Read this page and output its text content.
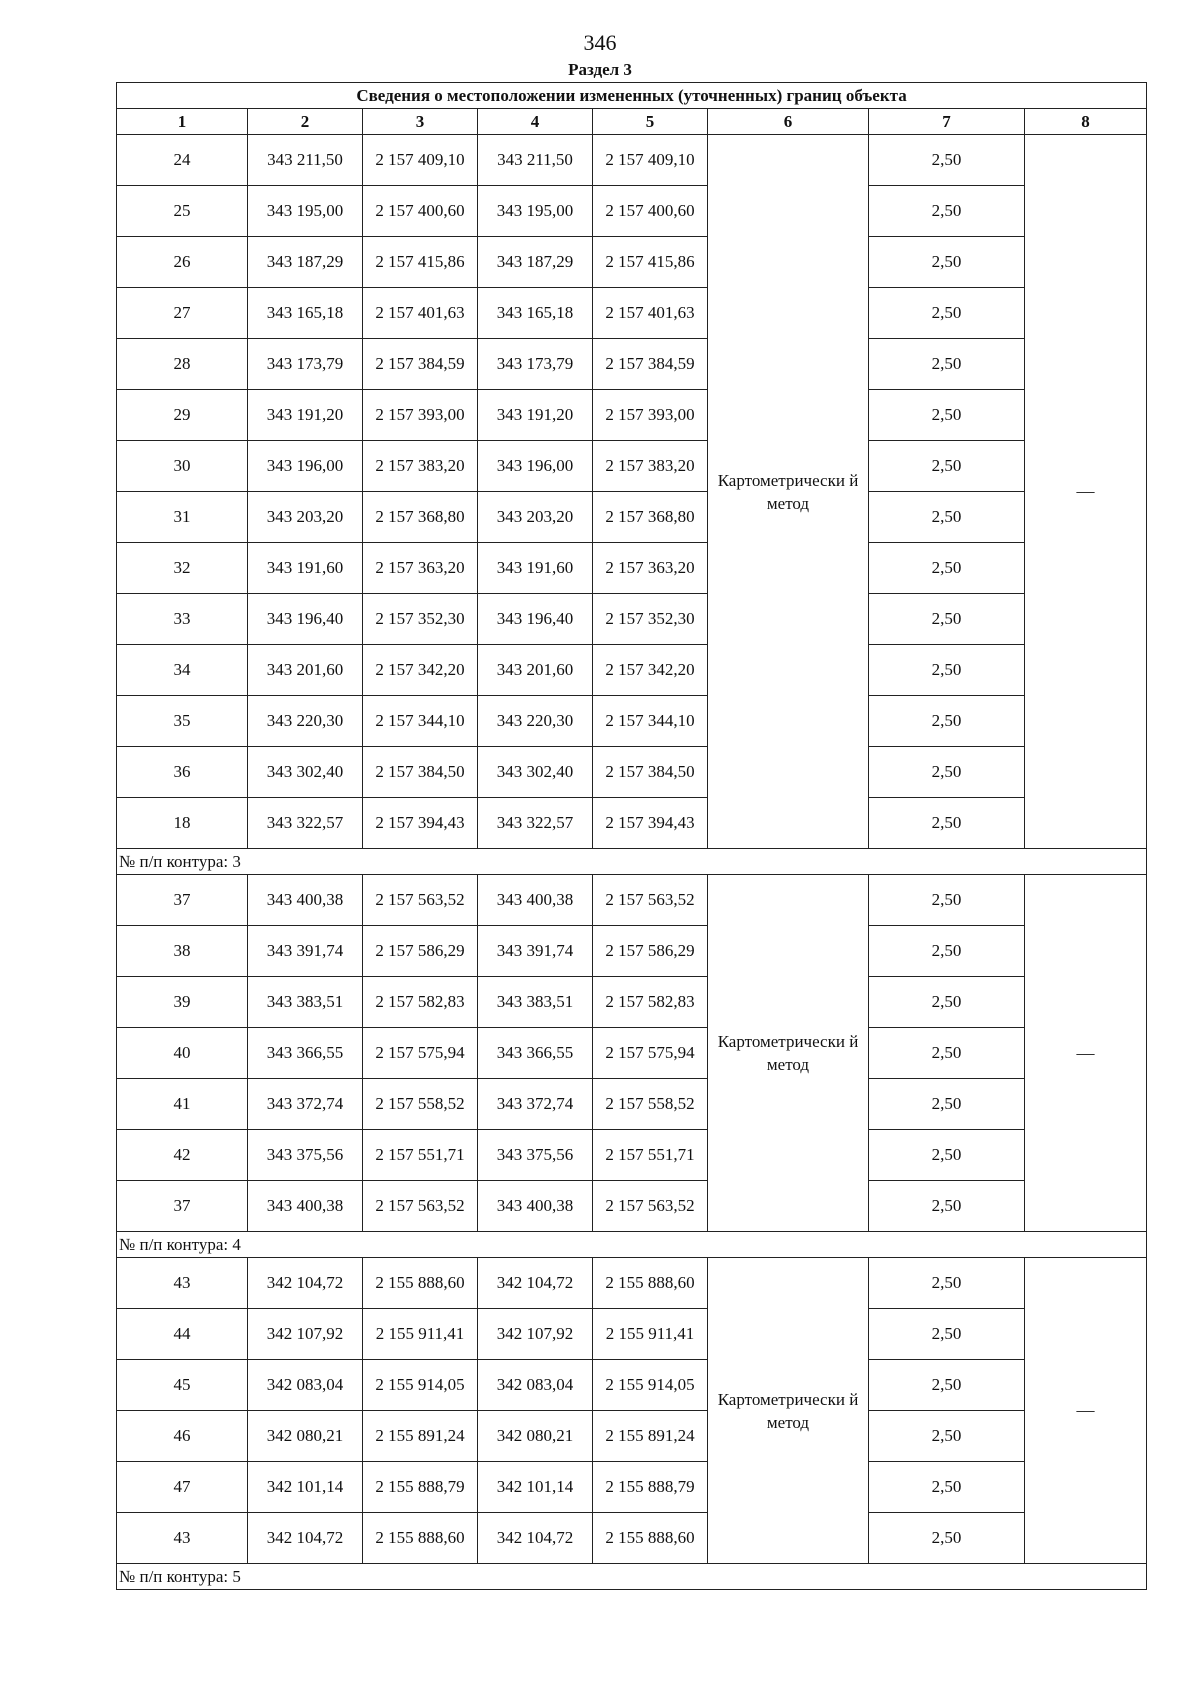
346
Раздел 3
Сведения о местоположении измененных (уточненных) границ объекта							
1	2	3	4	5	6	7	8
24	343 211,50	2 157 409,10	343 211,50	2 157 409,10	Картометрически й метод	2,50	—
25	343 195,00	2 157 400,60	343 195,00	2 157 400,60		2,50	
26	343 187,29	2 157 415,86	343 187,29	2 157 415,86		2,50	
27	343 165,18	2 157 401,63	343 165,18	2 157 401,63		2,50	
28	343 173,79	2 157 384,59	343 173,79	2 157 384,59		2,50	
29	343 191,20	2 157 393,00	343 191,20	2 157 393,00		2,50	
30	343 196,00	2 157 383,20	343 196,00	2 157 383,20		2,50	
31	343 203,20	2 157 368,80	343 203,20	2 157 368,80		2,50	
32	343 191,60	2 157 363,20	343 191,60	2 157 363,20		2,50	
33	343 196,40	2 157 352,30	343 196,40	2 157 352,30		2,50	
34	343 201,60	2 157 342,20	343 201,60	2 157 342,20		2,50	
35	343 220,30	2 157 344,10	343 220,30	2 157 344,10		2,50	
36	343 302,40	2 157 384,50	343 302,40	2 157 384,50		2,50	
18	343 322,57	2 157 394,43	343 322,57	2 157 394,43		2,50	
№ п/п контура: 3							
37	343 400,38	2 157 563,52	343 400,38	2 157 563,52	Картометрически й метод	2,50	—
38	343 391,74	2 157 586,29	343 391,74	2 157 586,29		2,50	
39	343 383,51	2 157 582,83	343 383,51	2 157 582,83		2,50	
40	343 366,55	2 157 575,94	343 366,55	2 157 575,94		2,50	
41	343 372,74	2 157 558,52	343 372,74	2 157 558,52		2,50	
42	343 375,56	2 157 551,71	343 375,56	2 157 551,71		2,50	
37	343 400,38	2 157 563,52	343 400,38	2 157 563,52		2,50	
№ п/п контура: 4							
43	342 104,72	2 155 888,60	342 104,72	2 155 888,60	Картометрически й метод	2,50	—
44	342 107,92	2 155 911,41	342 107,92	2 155 911,41		2,50	
45	342 083,04	2 155 914,05	342 083,04	2 155 914,05		2,50	
46	342 080,21	2 155 891,24	342 080,21	2 155 891,24		2,50	
47	342 101,14	2 155 888,79	342 101,14	2 155 888,79		2,50	
43	342 104,72	2 155 888,60	342 104,72	2 155 888,60		2,50	
№ п/п контура: 5							
